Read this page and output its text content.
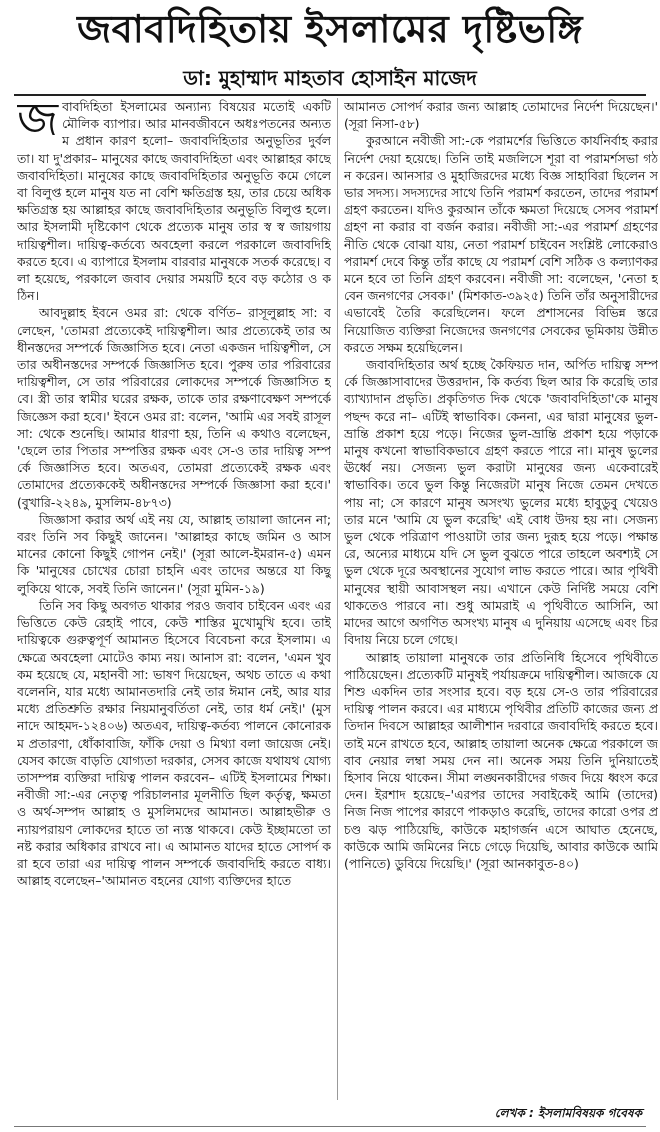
জবাবদিহিতায় ইসলামের দৃষ্টিভঙ্গি
ডা: মুহাম্মাদ মাহতাব হোসাইন মাজেদ

জবাবদিহিতা ইসলামের অন্যান্য বিষয়ের মতোই একটি মৌলিক ব্যাপার। আর মানবজীবনে অধঃপতনের অন্যতম প্রধান কারণ হলো– জবাবদিহিতার অনুভূতির দুর্বলতা। যা দু'প্রকার– মানুষের কাছে জবাবদিহিতা এবং আল্লাহর কাছে জবাবদিহিতা। মানুষের কাছে জবাবদিহিতার অনুভূতি কমে গেলে বা বিলুপ্ত হলে মানুষ যত না বেশি ক্ষতিগ্রস্ত হয়, তার চেয়ে অধিক ক্ষতিগ্রস্ত হয় আল্লাহর কাছে জবাবদিহিতার অনুভূতি বিলুপ্ত হলে। আর ইসলামী দৃষ্টিকোণ থেকে প্রত্যেক মানুষ তার স্ব স্ব জায়গায় দায়িত্বশীল। দায়িত্ব-কর্তব্যে অবহেলা করলে পরকালে জবাবদিহি করতে হবে। এ ব্যাপারে ইসলাম বারবার মানুষকে সতর্ক করেছে। বলা হয়েছে, পরকালে জবাব দেয়ার সময়টি হবে বড় কঠোর ও কঠিন।

আবদুল্লাহ ইবনে ওমর রা: থেকে বর্ণিত– রাসূলুল্লাহ সা: বলেছেন, 'তোমরা প্রত্যেকেই দায়িত্বশীল। আর প্রত্যেকেই তার অধীনস্তদের সম্পর্কে জিজ্ঞাসিত হবে। নেতা একজন দায়িত্বশীল, সে তার অধীনস্তদের সম্পর্কে জিজ্ঞাসিত হবে। পুরুষ তার পরিবারের দায়িত্বশীল, সে তার পরিবারের লোকদের সম্পর্কে জিজ্ঞাসিত হবে। স্ত্রী তার স্বামীর ঘরের রক্ষক, তাকে তার রক্ষণাবেক্ষণ সম্পর্কে জিজ্ঞেস করা হবে।' ইবনে ওমর রা: বলেন, 'আমি এর সবই রাসূল সা: থেকে শুনেছি। আমার ধারণা হয়, তিনি এ কথাও বলেছেন, 'ছেলে তার পিতার সম্পত্তির রক্ষক এবং সে-ও তার দায়িত্ব সম্পর্কে জিজ্ঞাসিত হবে। অতএব, তোমরা প্রত্যেকেই রক্ষক এবং তোমাদের প্রত্যেককেই অধীনস্তদের সম্পর্কে জিজ্ঞাসা করা হবে।' (বুখারি-২২৪৯, মুসলিম-৪৮৭৩)

জিজ্ঞাসা করার অর্থ এই নয় যে, আল্লাহ তায়ালা জানেন না; বরং তিনি সব কিছুই জানেন। 'আল্লাহর কাছে জমিন ও আসমানের কোনো কিছুই গোপন নেই।' (সূরা আলে-ইমরান-৫) এমনকি 'মানুষের চোখের চোরা চাহনি এবং তাদের অন্তরে যা কিছু লুকিয়ে থাকে, সবই তিনি জানেন।' (সূরা মুমিন-১৯)

তিনি সব কিছু অবগত থাকার পরও জবাব চাইবেন এবং এর ভিত্তিতে কেউ রেহাই পাবে, কেউ শাস্তির মুখোমুখি হবে। তাই দায়িত্বকে গুরুত্বপূর্ণ আমানত হিসেবে বিবেচনা করে ইসলাম। এ ক্ষেত্রে অবহেলা মোটেও কাম্য নয়। আনাস রা: বলেন, 'এমন খুব কম হয়েছে যে, মহানবী সা: ভাষণ দিয়েছেন, অথচ তাতে এ কথা বলেননি, যার মধ্যে আমানতদারি নেই তার ঈমান নেই, আর যার মধ্যে প্রতিশ্রুতি রক্ষার নিয়মানুবর্তিতা নেই, তার ধর্ম নেই।' (মুসনাদে আহমদ-১২৪০৬) অতএব, দায়িত্ব-কর্তব্য পালনে কোনোরকম প্রতারণা, ধোঁকাবাজি, ফাঁকি দেয়া ও মিথ্যা বলা জায়েজ নেই। যেসব কাজে বাড়তি যোগ্যতা দরকার, সেসব কাজে যথাযথ যোগ্যতাসম্পন্ন ব্যক্তিরা দায়িত্ব পালন করবেন– এটিই ইসলামের শিক্ষা। নবীজী সা:-এর নেতৃত্ব পরিচালনার মূলনীতি ছিল কর্তৃত্ব, ক্ষমতা ও অর্থ-সম্পদ আল্লাহ ও মুসলিমদের আমানত। আল্লাহভীরু ও ন্যায়পরায়ণ লোকদের হাতে তা ন্যস্ত থাকবে। কেউ ইচ্ছামতো তা নষ্ট করার অধিকার রাখবে না। এ আমানত যাদের হাতে সোপর্দ করা হবে তারা এর দায়িত্ব পালন সম্পর্কে জবাবদিহি করতে বাধ্য। আল্লাহ বলেছেন–'আমানত বহনের যোগ্য ব্যক্তিদের হাতে

আমানত সোপর্দ করার জন্য আল্লাহ তোমাদের নির্দেশ দিয়েছেন।' (সূরা নিসা-৫৮)

কুরআনে নবীজী সা:-কে পরামর্শের ভিত্তিতে কার্যনির্বাহ করার নির্দেশ দেয়া হয়েছে। তিনি তাই মজলিসে শূরা বা পরামর্শসভা গঠন করেন। আনসার ও মুহাজিরদের মধ্যে বিজ্ঞ সাহাবিরা ছিলেন সভার সদস্য। সদস্যদের সাথে তিনি পরামর্শ করতেন, তাদের পরামর্শ গ্রহণ করতেন। যদিও কুরআন তাঁকে ক্ষমতা দিয়েছে সেসব পরামর্শ গ্রহণ না করার বা বর্জন করার। নবীজী সা:-এর পরামর্শ গ্রহণের নীতি থেকে বোঝা যায়, নেতা পরামর্শ চাইবেন সংশ্লিষ্ট লোকেরাও পরামর্শ দেবে কিন্তু তাঁর কাছে যে পরামর্শ বেশি সঠিক ও কল্যাণকর মনে হবে তা তিনি গ্রহণ করবেন। নবীজী সা: বলেছেন, 'নেতা হবেন জনগণের সেবক।' (মিশকাত-৩৯২৫) তিনি তাঁর অনুসারীদের এভাবেই তৈরি করেছিলেন। ফলে প্রশাসনের বিভিন্ন স্তরে নিয়োজিত ব্যক্তিরা নিজেদের জনগণের সেবকের ভূমিকায় উন্নীত করতে সক্ষম হয়েছিলেন।

জবাবদিহিতার অর্থ হচ্ছে কৈফিয়ত দান, অর্পিত দায়িত্ব সম্পর্কে জিজ্ঞাসাবাদের উত্তরদান, কি কর্তব্য ছিল আর কি করেছি তার ব্যাখ্যাদান প্রভৃতি। প্রকৃতিগত দিক থেকে 'জবাবদিহিতা'কে মানুষ পছন্দ করে না– এটিই স্বাভাবিক। কেননা, এর দ্বারা মানুষের ভুল-ভ্রান্তি প্রকাশ হয়ে পড়ে। নিজের ভুল-ভ্রান্তি প্রকাশ হয়ে পড়াকে মানুষ কখনো স্বাভাবিকভাবে গ্রহণ করতে পারে না। মানুষ ভুলের ঊর্ধ্বে নয়। সেজন্য ভুল করাটা মানুষের জন্য একেবারেই স্বাভাবিক। তবে ভুল কিন্তু নিজেরটা মানুষ নিজে তেমন দেখতে পায় না; সে কারণে মানুষ অসংখ্য ভুলের মধ্যে হাবুডুবু খেয়েও তার মনে 'আমি যে ভুল করেছি' এই বোধ উদয় হয় না। সেজন্য ভুল থেকে পরিত্রাণ পাওয়াটা তার জন্য দুরূহ হয়ে পড়ে। পক্ষান্তরে, অন্যের মাধ্যমে যদি সে ভুল বুঝতে পারে তাহলে অবশ্যই সে ভুল থেকে দূরে অবস্থানের সুযোগ লাভ করতে পারে। আর পৃথিবী মানুষের স্থায়ী আবাসস্থল নয়। এখানে কেউ নির্দিষ্ট সময়ে বেশি থাকতেও পারবে না। শুধু আমরাই এ পৃথিবীতে আসিনি, আমাদের আগে অগণিত অসংখ্য মানুষ এ দুনিয়ায় এসেছে এবং চিরবিদায় নিয়ে চলে গেছে।

আল্লাহ তায়ালা মানুষকে তার প্রতিনিধি হিসেবে পৃথিবীতে পাঠিয়েছেন। প্রত্যেকটি মানুষই পর্যায়ক্রমে দায়িত্বশীল। আজকে যে শিশু একদিন তার সংসার হবে। বড় হয়ে সে-ও তার পরিবারের দায়িত্ব পালন করবে। এর মাধ্যমে পৃথিবীর প্রতিটি কাজের জন্য প্রতিদান দিবসে আল্লাহর আলীশান দরবারে জবাবদিহি করতে হবে। তাই মনে রাখতে হবে, আল্লাহ তায়ালা অনেক ক্ষেত্রে পরকালে জবাব নেয়ার লম্বা সময় দেন না। অনেক সময় তিনি দুনিয়াতেই হিসাব নিয়ে থাকেন। সীমা লঙ্ঘনকারীদের গজব দিয়ে ধ্বংস করে দেন। ইরশাদ হয়েছে–'এরপর তাদের সবাইকেই আমি (তাদের) নিজ নিজ পাপের কারণে পাকড়াও করেছি, তাদের কারো ওপর প্রচণ্ড ঝড় পাঠিয়েছি, কাউকে মহাগর্জন এসে আঘাত হেনেছে, কাউকে আমি জমিনের নিচে গেড়ে দিয়েছি, আবার কাউকে আমি (পানিতে) ডুবিয়ে দিয়েছি।' (সূরা আনকাবুত-৪০)

লেখক : ইসলামবিষয়ক গবেষক
